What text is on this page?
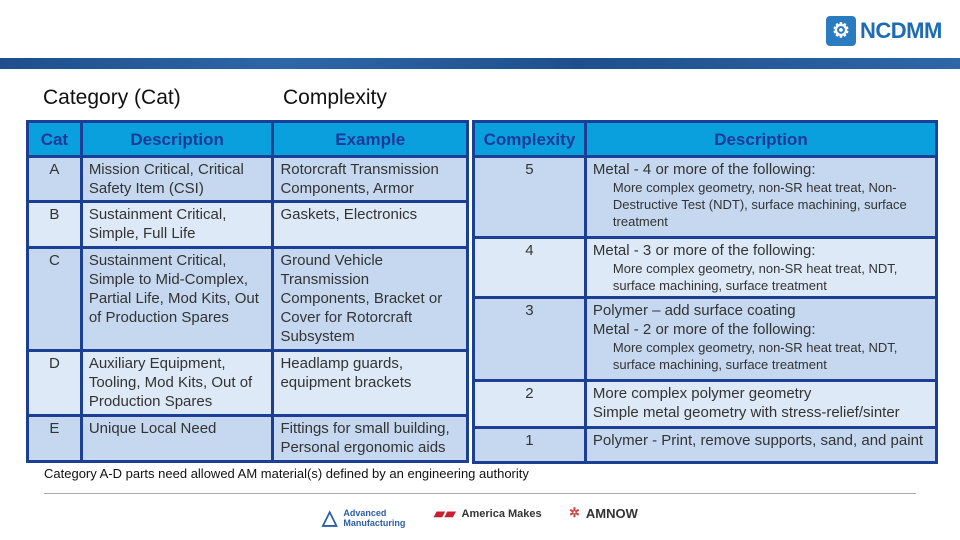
⚙ NCDMM
Category (Cat)	Complexity
Cat	Description	Example
A	Mission Critical, Critical Safety Item (CSI)	Rotorcraft Transmission Components, Armor
B	Sustainment Critical, Simple, Full Life	Gaskets, Electronics
C	Sustainment Critical, Simple to Mid-Complex, Partial Life, Mod Kits, Out of Production Spares	Ground Vehicle Transmission Components, Bracket or Cover for Rotorcraft Subsystem
D	Auxiliary Equipment, Tooling, Mod Kits, Out of Production Spares	Headlamp guards, equipment brackets
E	Unique Local Need	Fittings for small building, Personal ergonomic aids
Complexity	Description
5	Metal - 4 or more of the following:
More complex geometry, non-SR heat treat, Non-Destructive Test (NDT), surface machining, surface treatment

4	Metal - 3 or more of the following:
More complex geometry, non-SR heat treat, NDT, surface machining, surface treatment

3	Polymer – add surface coating
Metal - 2 or more of the following:
More complex geometry, non-SR heat treat, NDT, surface machining, surface treatment

2	More complex polymer geometry
Simple metal geometry with stress-relief/sinter

1	Polymer - Print, remove supports, sand, and paint
Category A-D parts need allowed AM material(s) defined by an engineering authority
△ Advanced Manufacturing
▰▰ America Makes ✲ AMNOW
